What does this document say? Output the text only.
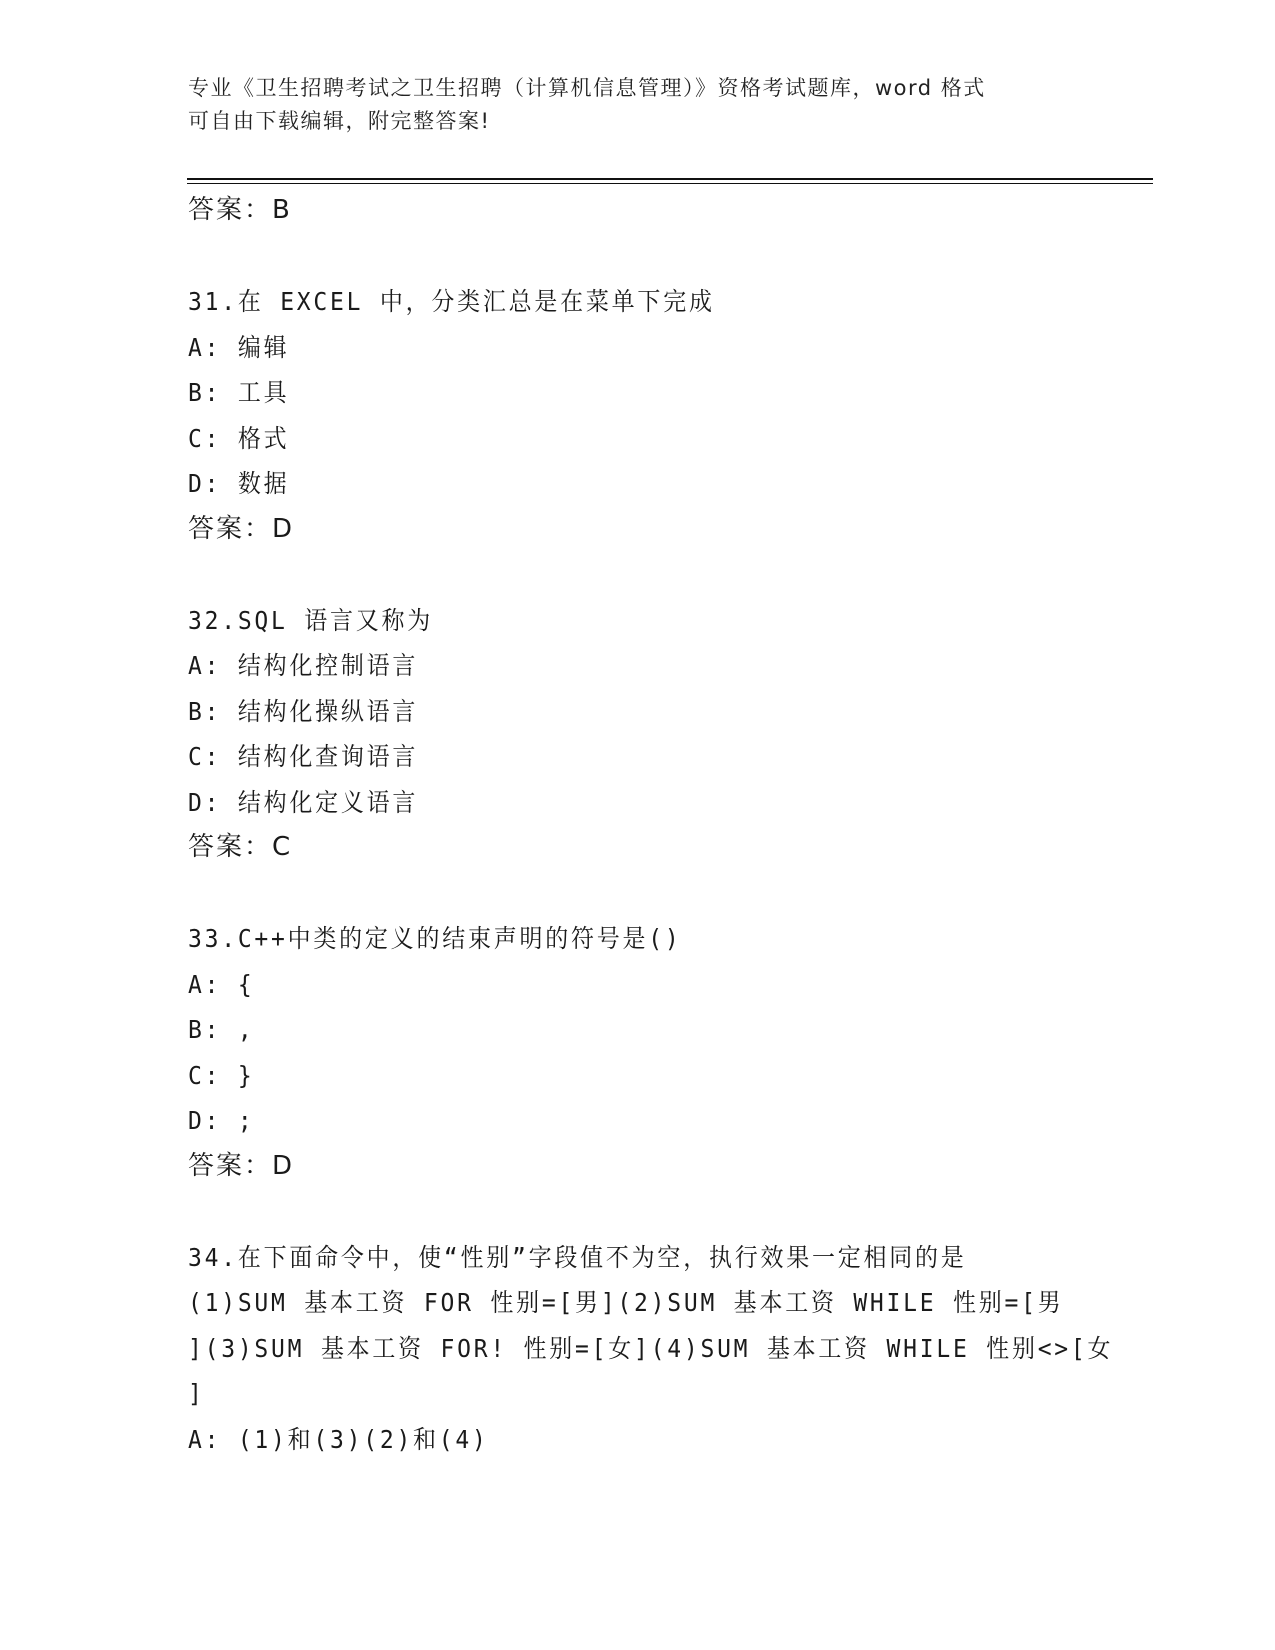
专业《卫生招聘考试之卫生招聘（计算机信息管理）》资格考试题库，word 格式
可自由下载编辑，附完整答案!
答案：B
31.在 EXCEL 中，分类汇总是在菜单下完成
A: 编辑
B: 工具
C: 格式
D: 数据
答案：D
32.SQL 语言又称为
A: 结构化控制语言
B: 结构化操纵语言
C: 结构化查询语言
D: 结构化定义语言
答案：C
33.C++中类的定义的结束声明的符号是()
A: {
B: ,
C: }
D: ;
答案：D
34.在下面命令中，使“性别”字段值不为空，执行效果一定相同的是
(1)SUM 基本工资 FOR 性别=[男](2)SUM 基本工资 WHILE 性别=[男
](3)SUM 基本工资 FOR! 性别=[女](4)SUM 基本工资 WHILE 性别<>[女
]
A: (1)和(3)(2)和(4)
